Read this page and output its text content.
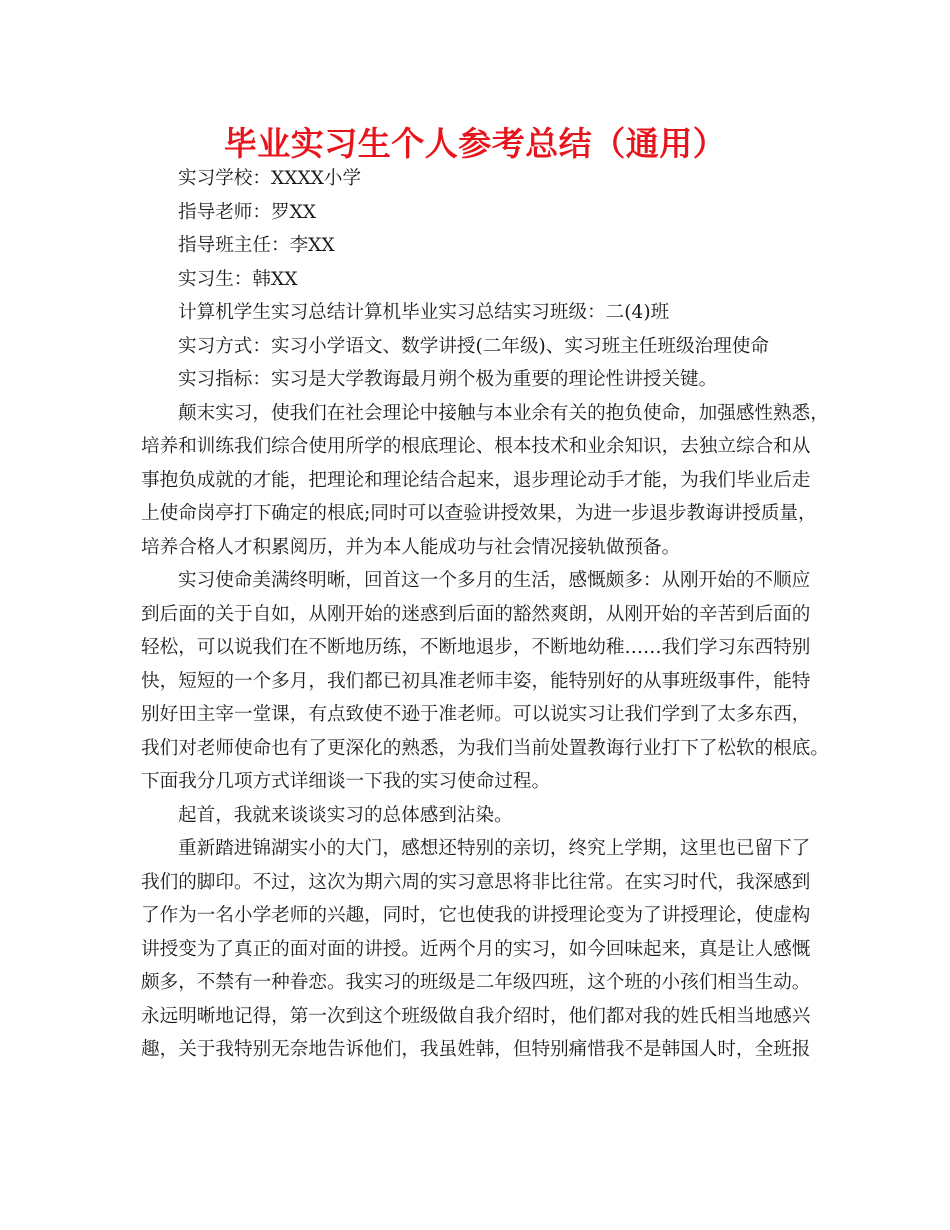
毕业实习生个人参考总结（通用）
实习学校：XXXX小学
指导老师：罗XX
指导班主任：李XX
实习生：韩XX
计算机学生实习总结计算机毕业实习总结实习班级：二(4)班
实习方式：实习小学语文、数学讲授(二年级)、实习班主任班级治理使命
实习指标：实习是大学教诲最月朔个极为重要的理论性讲授关键。
颠末实习，使我们在社会理论中接触与本业余有关的抱负使命，加强感性熟悉，
培养和训练我们综合使用所学的根底理论、根本技术和业余知识，去独立综合和从
事抱负成就的才能，把理论和理论结合起来，退步理论动手才能，为我们毕业后走
上使命岗亭打下确定的根底;同时可以查验讲授效果，为进一步退步教诲讲授质量，
培养合格人才积累阅历，并为本人能成功与社会情况接轨做预备。
实习使命美满终明晰，回首这一个多月的生活，感慨颇多：从刚开始的不顺应
到后面的关于自如，从刚开始的迷惑到后面的豁然爽朗，从刚开始的辛苦到后面的
轻松，可以说我们在不断地历练，不断地退步，不断地幼稚……我们学习东西特别
快，短短的一个多月，我们都已初具准老师丰姿，能特别好的从事班级事件，能特
别好田主宰一堂课，有点致使不逊于准老师。可以说实习让我们学到了太多东西，
我们对老师使命也有了更深化的熟悉，为我们当前处置教诲行业打下了松软的根底。
下面我分几项方式详细谈一下我的实习使命过程。
起首，我就来谈谈实习的总体感到沾染。
重新踏进锦湖实小的大门，感想还特别的亲切，终究上学期，这里也已留下了
我们的脚印。不过，这次为期六周的实习意思将非比往常。在实习时代，我深感到
了作为一名小学老师的兴趣，同时，它也使我的讲授理论变为了讲授理论，使虚构
讲授变为了真正的面对面的讲授。近两个月的实习，如今回味起来，真是让人感慨
颇多，不禁有一种眷恋。我实习的班级是二年级四班，这个班的小孩们相当生动。
永远明晰地记得，第一次到这个班级做自我介绍时，他们都对我的姓氏相当地感兴
趣，关于我特别无奈地告诉他们，我虽姓韩，但特别痛惜我不是韩国人时，全班报
